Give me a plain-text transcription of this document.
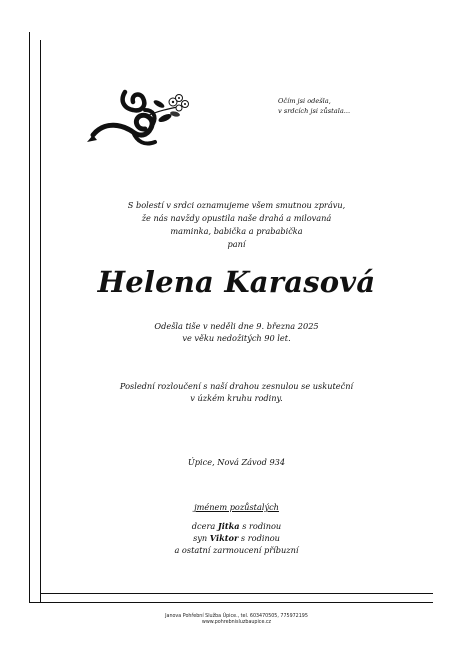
Očím jsi odešla,
v srdcích jsi zůstala...
S bolestí v srdci oznamujeme všem smutnou zprávu,
že nás navždy opustila naše drahá a milovaná
maminka, babička a prababička
paní
Helena Karasová
Odešla tiše v neděli dne 9. března 2025
ve věku nedožitých 90 let.
Poslední rozloučení s naší drahou zesnulou se uskuteční
v úzkém kruhu rodiny.
Úpice, Nová Závod 934
jménem pozůstalých
dcera Jitka s rodinou
syn Viktor s rodinou
a ostatní zarmoucení příbuzní
Janova Pohřební Služba Úpice., tel. 603470505, 775972195
www.pohrebnisluzbaupice.cz
